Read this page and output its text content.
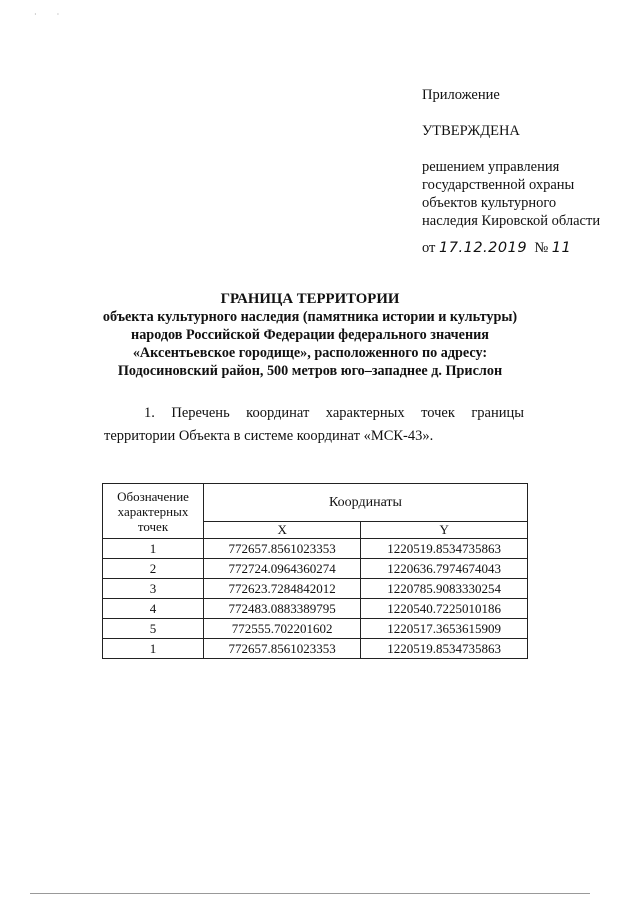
·          ·
Приложение
УТВЕРЖДЕНА
решением управления
государственной охраны
объектов культурного
наследия Кировской области
от 17.12.2019 № 11
ГРАНИЦА ТЕРРИТОРИИ
объекта культурного наследия (памятника истории и культуры)
народов Российской Федерации федерального значения
«Аксентьевское городище», расположенного по адресу:
Подосиновский район, 500 метров юго–западнее д. Прислон
1. Перечень координат характерных точек границы территории Объекта в системе координат «МСК-43».
Обозначение характерных точек	Координаты	
	X	Y
1	772657.8561023353	1220519.8534735863
2	772724.0964360274	1220636.7974674043
3	772623.7284842012	1220785.9083330254
4	772483.0883389795	1220540.7225010186
5	772555.702201602	1220517.3653615909
1	772657.8561023353	1220519.8534735863
